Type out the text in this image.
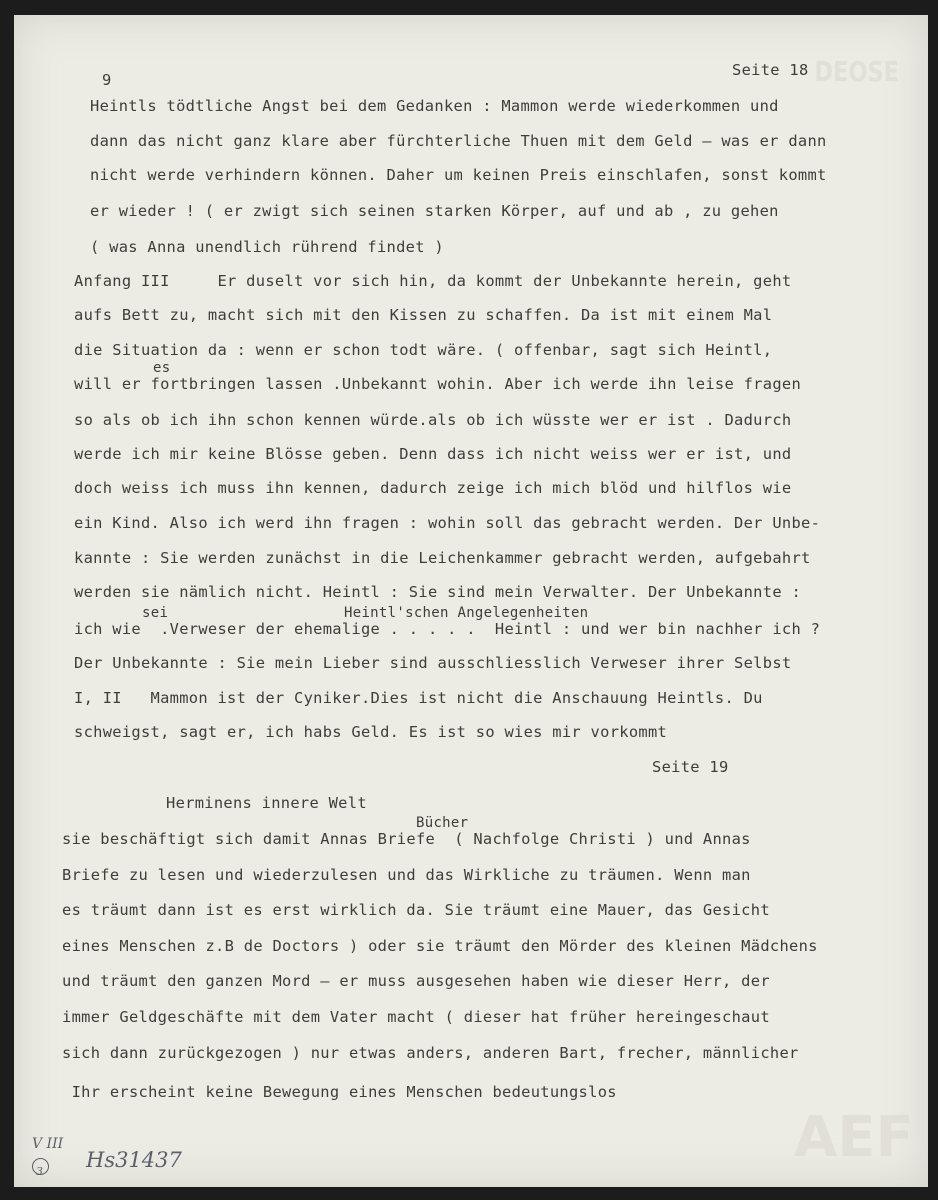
DEOSE
AEF
9
Seite 18
Heintls tödtliche Angst bei dem Gedanken : Mammon werde wiederkommen und
dann das nicht ganz klare aber fürchterliche Thuen mit dem Geld – was er dann
nicht werde verhindern können. Daher um keinen Preis einschlafen, sonst kommt
er wieder ! ( er zwigt sich seinen starken Körper, auf und ab , zu gehen
( was Anna unendlich rührend findet )
Anfang III     Er duselt vor sich hin, da kommt der Unbekannte herein, geht
aufs Bett zu, macht sich mit den Kissen zu schaffen. Da ist mit einem Mal
die Situation da : wenn er schon todt wäre. ( offenbar, sagt sich Heintl,
es
will er fortbringen lassen .Unbekannt wohin. Aber ich werde ihn leise fragen
so als ob ich ihn schon kennen würde.als ob ich wüsste wer er ist . Dadurch
werde ich mir keine Blösse geben. Denn dass ich nicht weiss wer er ist, und
doch weiss ich muss ihn kennen, dadurch zeige ich mich blöd und hilflos wie
ein Kind. Also ich werd ihn fragen : wohin soll das gebracht werden. Der Unbe-
kannte : Sie werden zunächst in die Leichenkammer gebracht werden, aufgebahrt
werden sie nämlich nicht. Heintl : Sie sind mein Verwalter. Der Unbekannte :
sei	Heintl'schen Angelegenheiten
ich wie  .Verweser der ehemalige . . . . .  Heintl : und wer bin nachher ich ?
Der Unbekannte : Sie mein Lieber sind ausschliesslich Verweser ihrer Selbst
I, II   Mammon ist der Cyniker.Dies ist nicht die Anschauung Heintls. Du
schweigst, sagt er, ich habs Geld. Es ist so wies mir vorkommt
Seite 19
Herminens innere Welt
Bücher
sie beschäftigt sich damit Annas Briefe  ( Nachfolge Christi ) und Annas
Briefe zu lesen und wiederzulesen und das Wirkliche zu träumen. Wenn man
es träumt dann ist es erst wirklich da. Sie träumt eine Mauer, das Gesicht
eines Menschen z.B de Doctors ) oder sie träumt den Mörder des kleinen Mädchens
und träumt den ganzen Mord – er muss ausgesehen haben wie dieser Herr, der
immer Geldgeschäfte mit dem Vater macht ( dieser hat früher hereingeschaut
sich dann zurückgezogen ) nur etwas anders, anderen Bart, frecher, männlicher
Ihr erscheint keine Bewegung eines Menschen bedeutungslos
V III
3 Hs31437
